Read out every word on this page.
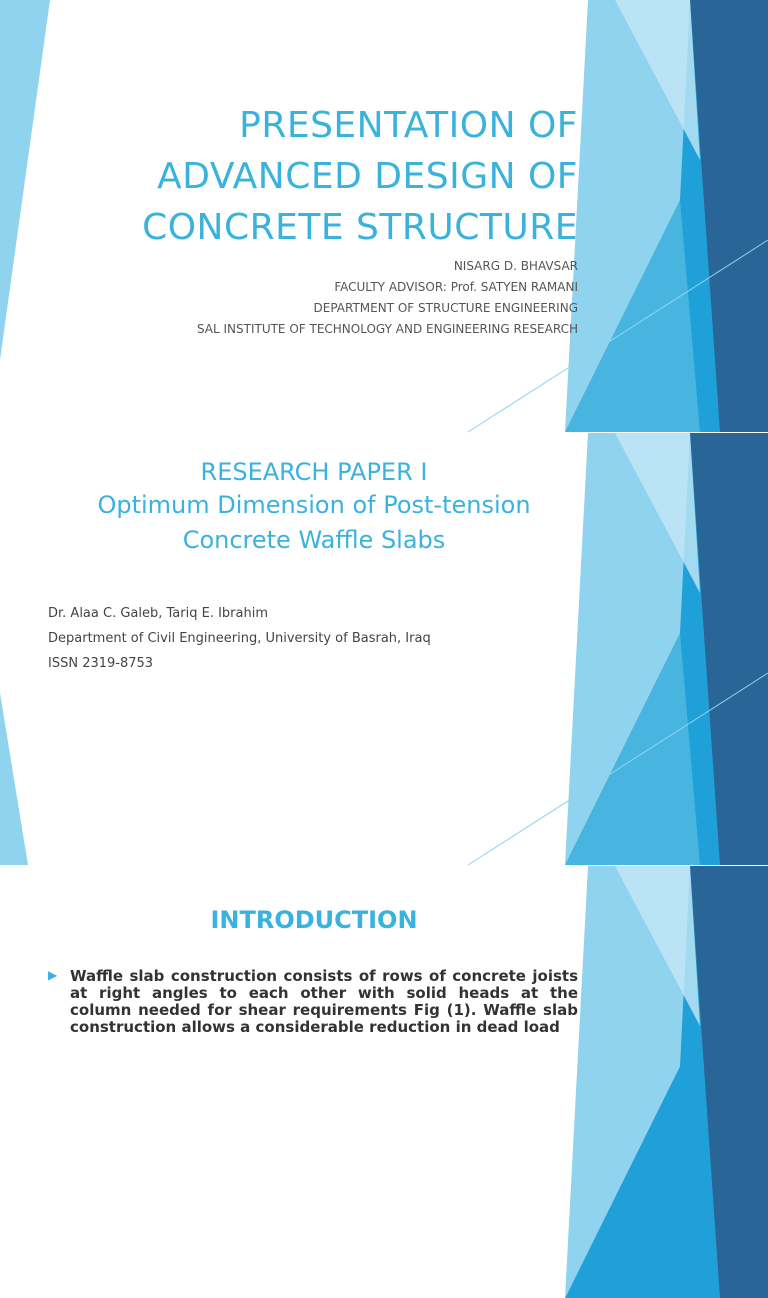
PRESENTATION OF
ADVANCED DESIGN OF
CONCRETE STRUCTURE
NISARG D. BHAVSAR
FACULTY ADVISOR: Prof. SATYEN RAMANI
DEPARTMENT OF STRUCTURE ENGINEERING
SAL INSTITUTE OF TECHNOLOGY AND ENGINEERING RESEARCH
RESEARCH PAPER I
Optimum Dimension of Post-tension
Concrete Waffle Slabs
Dr. Alaa C. Galeb, Tariq E. Ibrahim
Department of Civil Engineering, University of Basrah, Iraq
ISSN 2319-8753
INTRODUCTION
▶ Waffle slab construction consists of rows of concrete joists at right angles to each other with solid heads at the column needed for shear requirements Fig (1). Waffle slab construction allows a considerable reduction in dead load
